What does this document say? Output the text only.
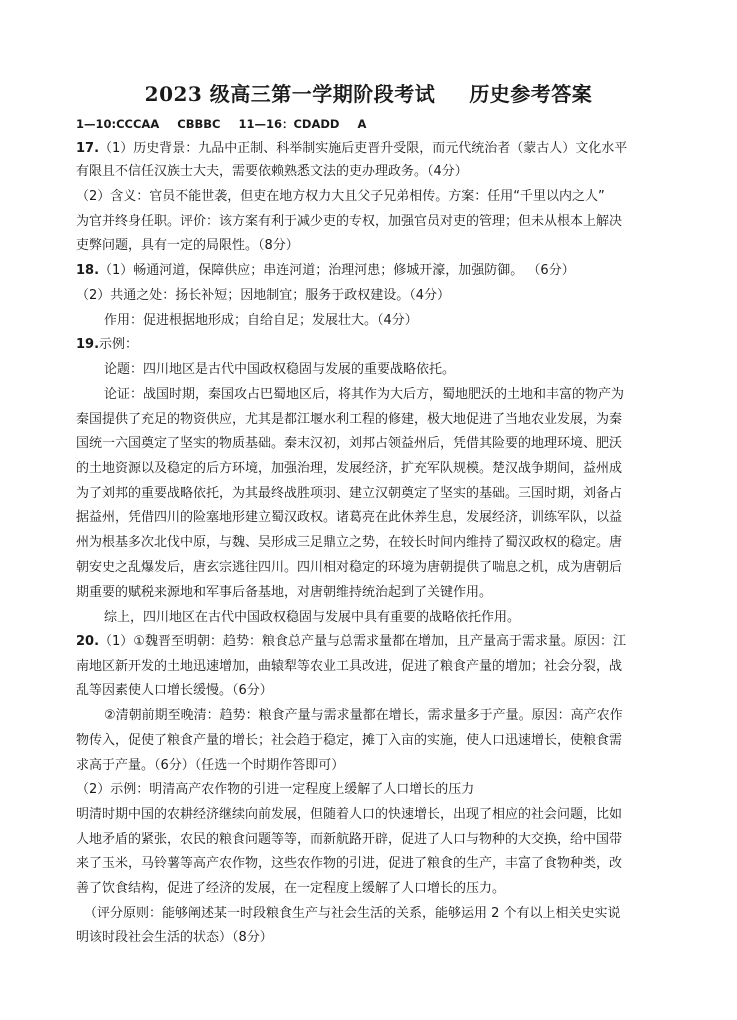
2023 级高三第一学期阶段考试 历史参考答案
1—10:CCCAA CBBBC 11—16：CDADD A
17.（1）历史背景：九品中正制、科举制实施后吏晋升受限，而元代统治者（蒙古人）文化水平
有限且不信任汉族士大夫，需要依赖熟悉文法的吏办理政务。（4分）
（2）含义：官员不能世袭，但吏在地方权力大且父子兄弟相传。方案：任用“千里以内之人”
为官并终身任职。评价：该方案有利于减少吏的专权，加强官员对吏的管理；但未从根本上解决
吏弊问题，具有一定的局限性。（8分）
18.（1）畅通河道，保障供应；串连河道；治理河患；修城开濠，加强防御。 （6分）
（2）共通之处：扬长补短；因地制宜；服务于政权建设。（4分）
作用：促进根据地形成；自给自足；发展壮大。（4分）
19.示例：
论题：四川地区是古代中国政权稳固与发展的重要战略依托。
论证：战国时期，秦国攻占巴蜀地区后，将其作为大后方，蜀地肥沃的土地和丰富的物产为
秦国提供了充足的物资供应，尤其是都江堰水利工程的修建，极大地促进了当地农业发展，为秦
国统一六国奠定了坚实的物质基础。秦末汉初，刘邦占领益州后，凭借其险要的地理环境、肥沃
的土地资源以及稳定的后方环境，加强治理，发展经济，扩充军队规模。楚汉战争期间，益州成
为了刘邦的重要战略依托，为其最终战胜项羽、建立汉朝奠定了坚实的基础。三国时期，刘备占
据益州，凭借四川的险塞地形建立蜀汉政权。诸葛亮在此休养生息，发展经济，训练军队，以益
州为根基多次北伐中原，与魏、吴形成三足鼎立之势，在较长时间内维持了蜀汉政权的稳定。唐
朝安史之乱爆发后，唐玄宗逃往四川。四川相对稳定的环境为唐朝提供了喘息之机，成为唐朝后
期重要的赋税来源地和军事后备基地，对唐朝维持统治起到了关键作用。
综上，四川地区在古代中国政权稳固与发展中具有重要的战略依托作用。
20.（1）①魏晋至明朝：趋势：粮食总产量与总需求量都在增加，且产量高于需求量。原因：江
南地区新开发的土地迅速增加，曲辕犁等农业工具改进，促进了粮食产量的增加；社会分裂，战
乱等因素使人口增长缓慢。（6分）
②清朝前期至晚清：趋势：粮食产量与需求量都在增长，需求量多于产量。原因：高产农作
物传入，促使了粮食产量的增长；社会趋于稳定，摊丁入亩的实施，使人口迅速增长，使粮食需
求高于产量。（6分）（任选一个时期作答即可）
（2）示例：明清高产农作物的引进一定程度上缓解了人口增长的压力
明清时期中国的农耕经济继续向前发展，但随着人口的快速增长，出现了相应的社会问题，比如
人地矛盾的紧张，农民的粮食问题等等，而新航路开辟，促进了人口与物种的大交换，给中国带
来了玉米，马铃薯等高产农作物，这些农作物的引进，促进了粮食的生产，丰富了食物种类，改
善了饮食结构，促进了经济的发展，在一定程度上缓解了人口增长的压力。
（评分原则：能够阐述某一时段粮食生产与社会生活的关系，能够运用 2 个有以上相关史实说
明该时段社会生活的状态）（8分）
